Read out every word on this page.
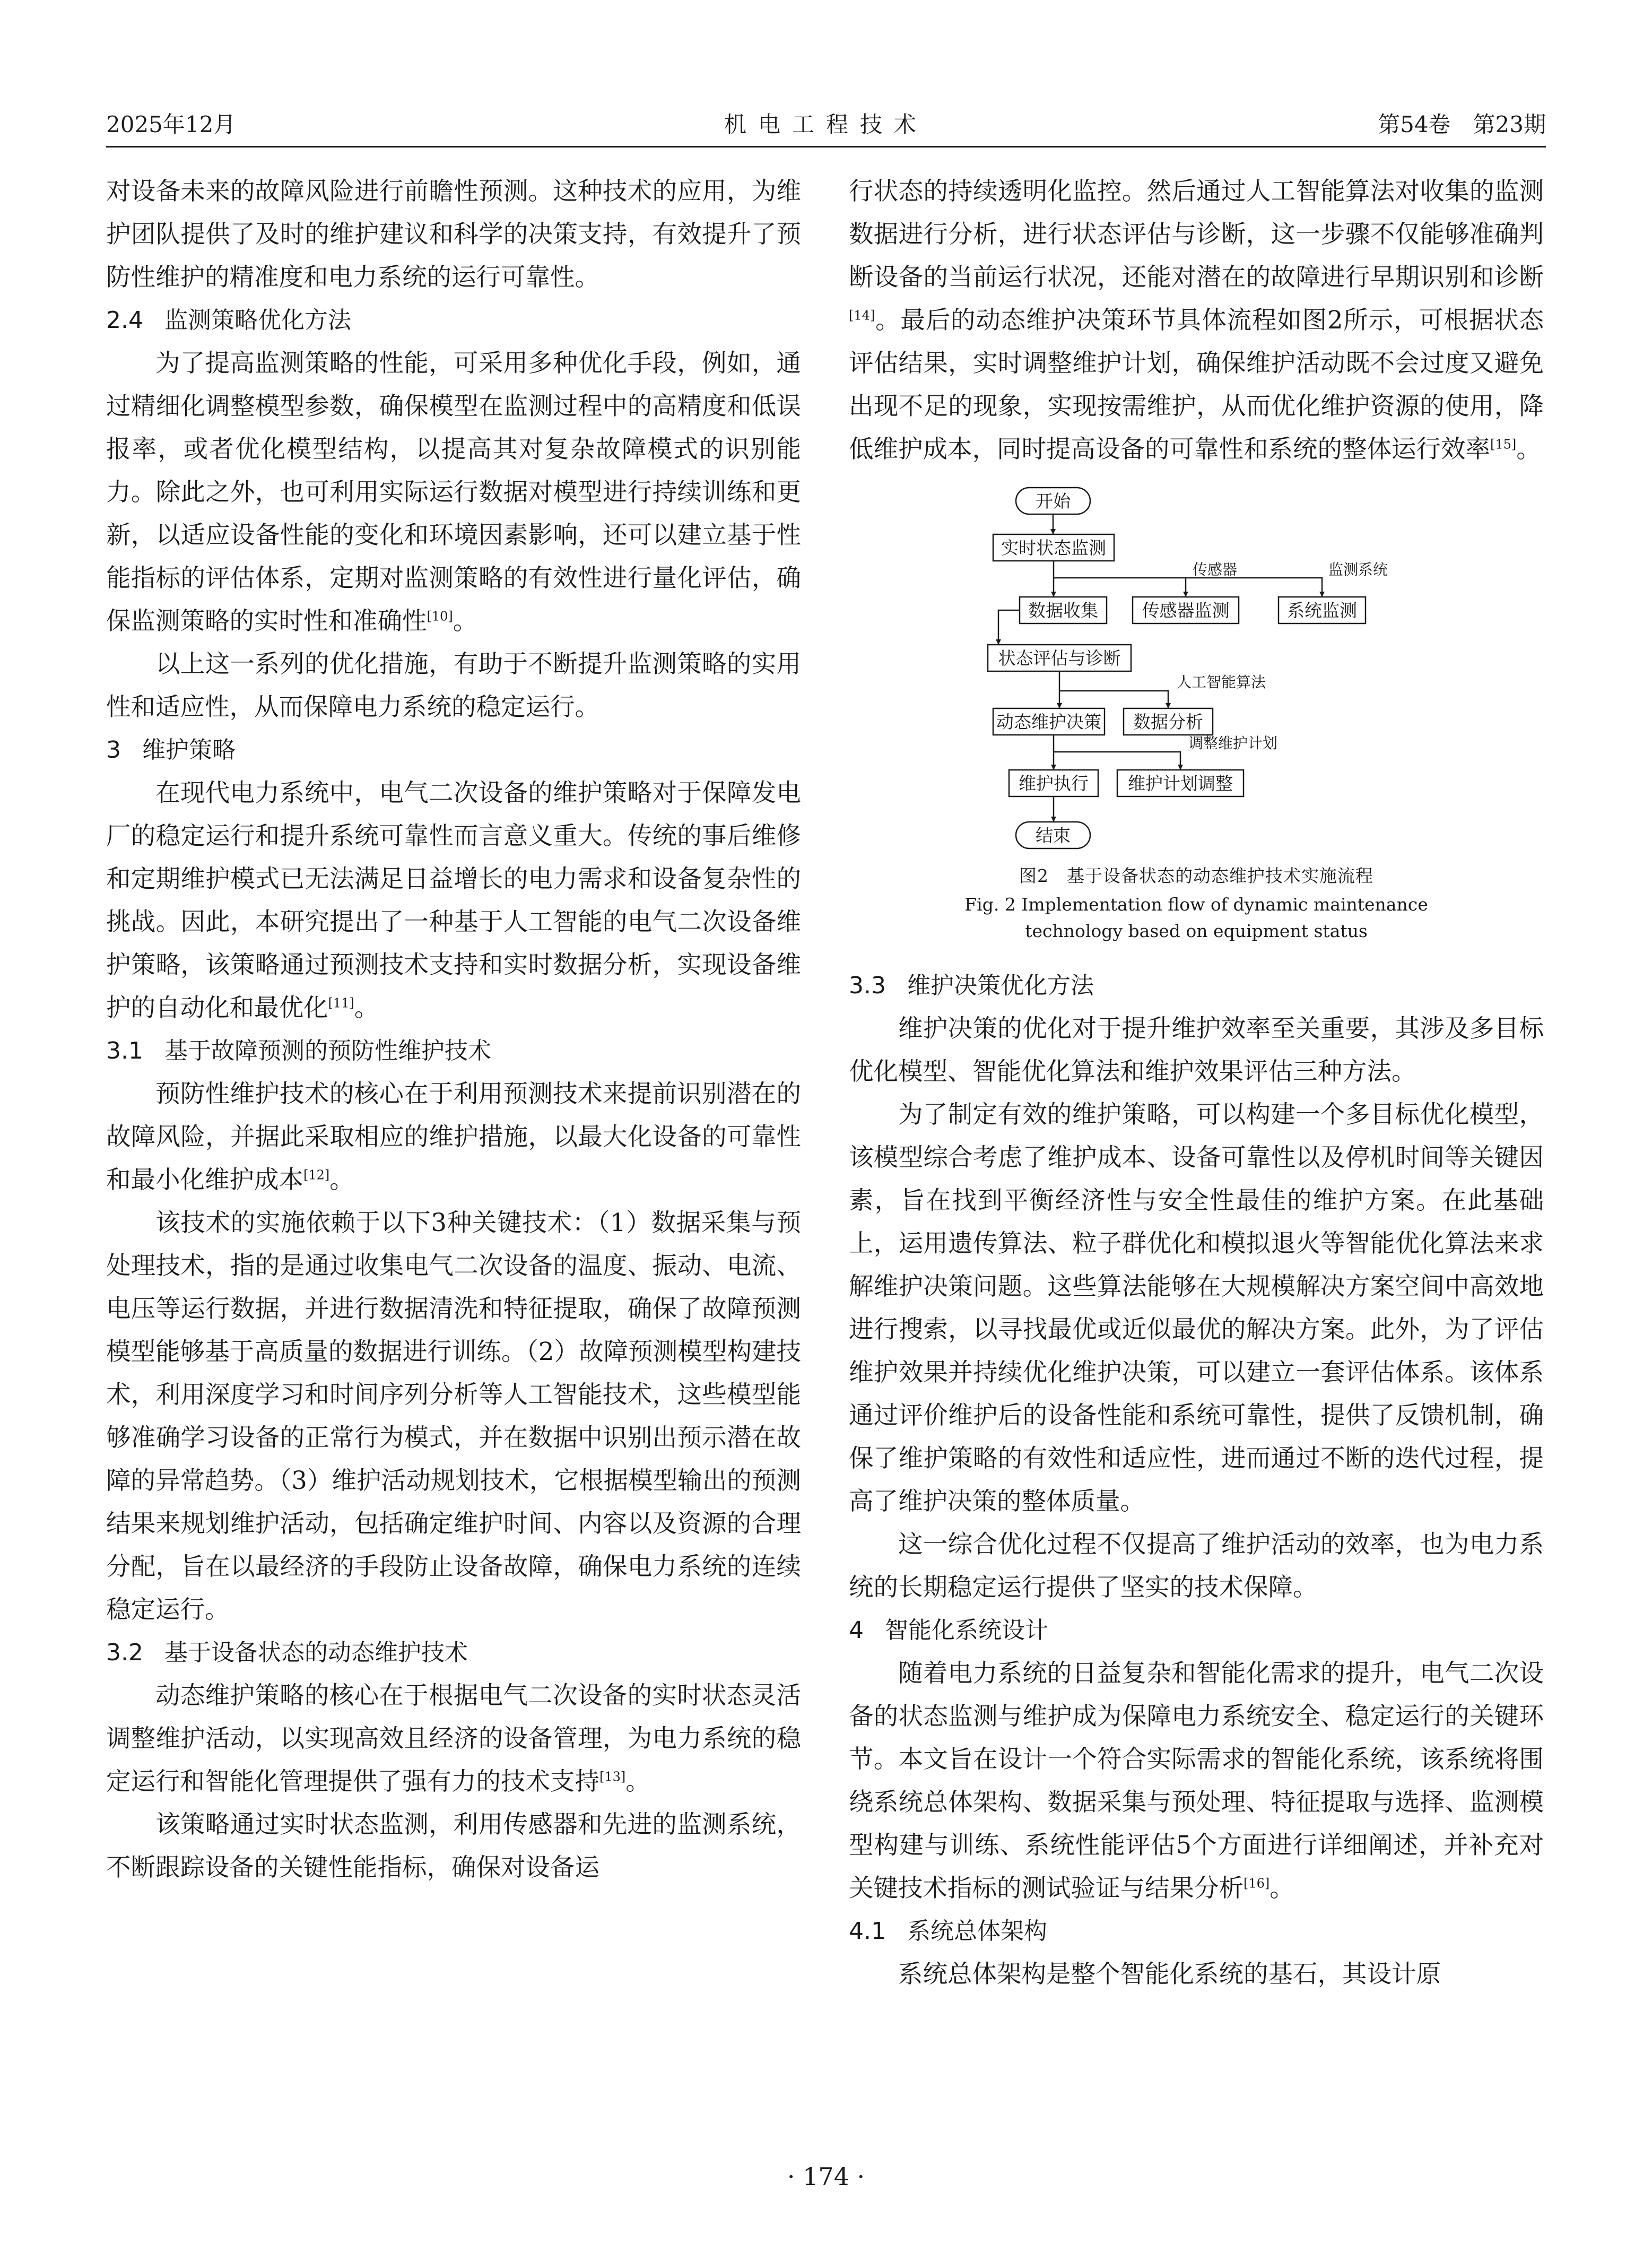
2025年12月	机电工程技术	第54卷　第23期

对设备未来的故障风险进行前瞻性预测。这种技术的应用，为维护团队提供了及时的维护建议和科学的决策支持，有效提升了预防性维护的精准度和电力系统的运行可靠性。

2.4 监测策略优化方法

为了提高监测策略的性能，可采用多种优化手段，例如，通过精细化调整模型参数，确保模型在监测过程中的高精度和低误报率，或者优化模型结构，以提高其对复杂故障模式的识别能力。除此之外，也可利用实际运行数据对模型进行持续训练和更新，以适应设备性能的变化和环境因素影响，还可以建立基于性能指标的评估体系，定期对监测策略的有效性进行量化评估，确保监测策略的实时性和准确性[10]。

以上这一系列的优化措施，有助于不断提升监测策略的实用性和适应性，从而保障电力系统的稳定运行。

3 维护策略

在现代电力系统中，电气二次设备的维护策略对于保障发电厂的稳定运行和提升系统可靠性而言意义重大。传统的事后维修和定期维护模式已无法满足日益增长的电力需求和设备复杂性的挑战。因此，本研究提出了一种基于人工智能的电气二次设备维护策略，该策略通过预测技术支持和实时数据分析，实现设备维护的自动化和最优化[11]。

3.1 基于故障预测的预防性维护技术

预防性维护技术的核心在于利用预测技术来提前识别潜在的故障风险，并据此采取相应的维护措施，以最大化设备的可靠性和最小化维护成本[12]。

该技术的实施依赖于以下3种关键技术：（1）数据采集与预处理技术，指的是通过收集电气二次设备的温度、振动、电流、电压等运行数据，并进行数据清洗和特征提取，确保了故障预测模型能够基于高质量的数据进行训练。（2）故障预测模型构建技术，利用深度学习和时间序列分析等人工智能技术，这些模型能够准确学习设备的正常行为模式，并在数据中识别出预示潜在故障的异常趋势。（3）维护活动规划技术，它根据模型输出的预测结果来规划维护活动，包括确定维护时间、内容以及资源的合理分配，旨在以最经济的手段防止设备故障，确保电力系统的连续稳定运行。

3.2 基于设备状态的动态维护技术

动态维护策略的核心在于根据电气二次设备的实时状态灵活调整维护活动，以实现高效且经济的设备管理，为电力系统的稳定运行和智能化管理提供了强有力的技术支持[13]。

该策略通过实时状态监测，利用传感器和先进的监测系统，不断跟踪设备的关键性能指标，确保对设备运

行状态的持续透明化监控。然后通过人工智能算法对收集的监测数据进行分析，进行状态评估与诊断，这一步骤不仅能够准确判断设备的当前运行状况，还能对潜在的故障进行早期识别和诊断[14]。最后的动态维护决策环节具体流程如图2所示，可根据状态评估结果，实时调整维护计划，确保维护活动既不会过度又避免出现不足的现象，实现按需维护，从而优化维护资源的使用，降低维护成本，同时提高设备的可靠性和系统的整体运行效率[15]。

开始
实时状态监测
传感器	监测系统
数据收集	传感器监测	系统监测
状态评估与诊断
人工智能算法
动态维护决策 数据分析
调整维护计划
维护执行 维护计划调整
结束
图2　基于设备状态的动态维护技术实施流程
Fig. 2 Implementation flow of dynamic maintenance
technology based on equipment status
3.3 维护决策优化方法

维护决策的优化对于提升维护效率至关重要，其涉及多目标优化模型、智能优化算法和维护效果评估三种方法。

为了制定有效的维护策略，可以构建一个多目标优化模型，该模型综合考虑了维护成本、设备可靠性以及停机时间等关键因素，旨在找到平衡经济性与安全性最佳的维护方案。在此基础上，运用遗传算法、粒子群优化和模拟退火等智能优化算法来求解维护决策问题。这些算法能够在大规模解决方案空间中高效地进行搜索，以寻找最优或近似最优的解决方案。此外，为了评估维护效果并持续优化维护决策，可以建立一套评估体系。该体系通过评价维护后的设备性能和系统可靠性，提供了反馈机制，确保了维护策略的有效性和适应性，进而通过不断的迭代过程，提高了维护决策的整体质量。

这一综合优化过程不仅提高了维护活动的效率，也为电力系统的长期稳定运行提供了坚实的技术保障。

4 智能化系统设计

随着电力系统的日益复杂和智能化需求的提升，电气二次设备的状态监测与维护成为保障电力系统安全、稳定运行的关键环节。本文旨在设计一个符合实际需求的智能化系统，该系统将围绕系统总体架构、数据采集与预处理、特征提取与选择、监测模型构建与训练、系统性能评估5个方面进行详细阐述，并补充对关键技术指标的测试验证与结果分析[16]。

4.1 系统总体架构

系统总体架构是整个智能化系统的基石，其设计原

· 174 ·
